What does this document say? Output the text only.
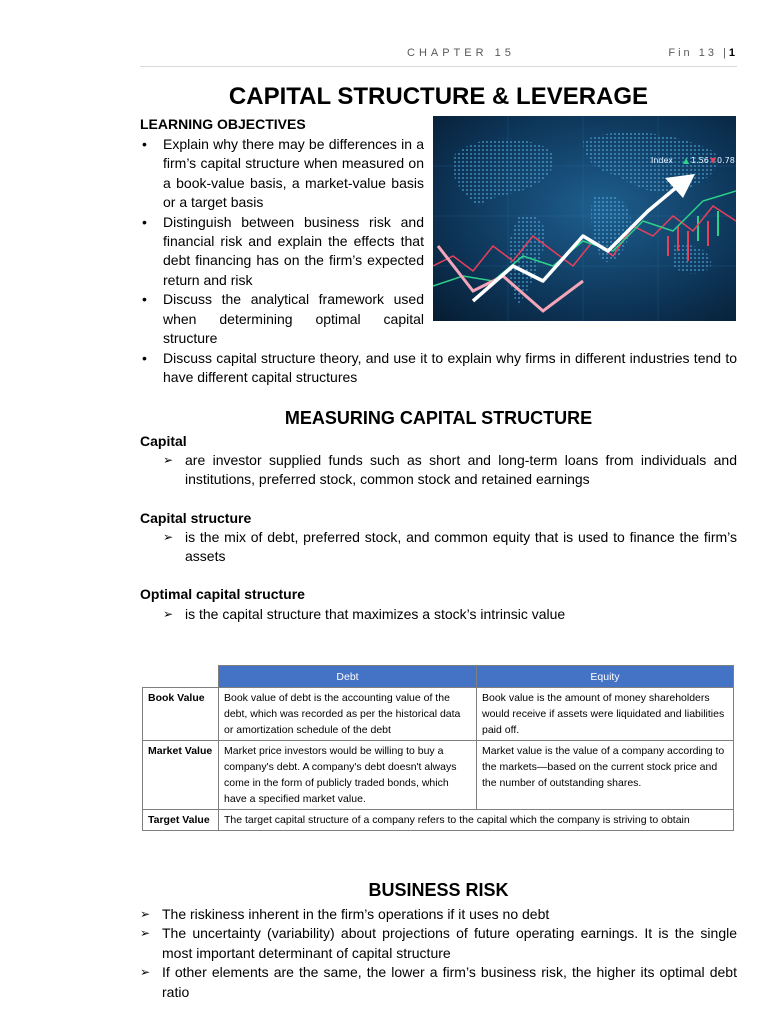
CHAPTER 15	Fin 13 |1
CAPITAL STRUCTURE & LEVERAGE
LEARNING OBJECTIVES
• Explain why there may be differences in a firm’s capital structure when measured on a book-value basis, a market-value basis or a target basis
• Distinguish between business risk and financial risk and explain the effects that debt financing has on the firm’s expected return and risk
• Discuss the analytical framework used when determining optimal capital structure
• Discuss capital structure theory, and use it to explain why firms in different industries tend to have different capital structures
Index ▲ 1.56 ▼ 0.78
MEASURING CAPITAL STRUCTURE
Capital
➢ are investor supplied funds such as short and long-term loans from individuals and institutions, preferred stock, common stock and retained earnings
Capital structure
➢ is the mix of debt, preferred stock, and common equity that is used to finance the firm’s assets
Optimal capital structure
➢ is the capital structure that maximizes a stock’s intrinsic value
	Debt	Equity
Book Value	Book value of debt is the accounting value of the debt, which was recorded as per the historical data or amortization schedule of the debt	Book value is the amount of money shareholders would receive if assets were liquidated and liabilities paid off.
Market Value	Market price investors would be willing to buy a company's debt. A company's debt doesn't always come in the form of publicly traded bonds, which have a specified market value.	Market value is the value of a company according to the markets—based on the current stock price and the number of outstanding shares.
Target Value	The target capital structure of a company refers to the capital which the company is striving to obtain	
BUSINESS RISK
➢ The riskiness inherent in the firm’s operations if it uses no debt
➢ The uncertainty (variability) about projections of future operating earnings. It is the single most important determinant of capital structure
➢ If other elements are the same, the lower a firm’s business risk, the higher its optimal debt ratio
